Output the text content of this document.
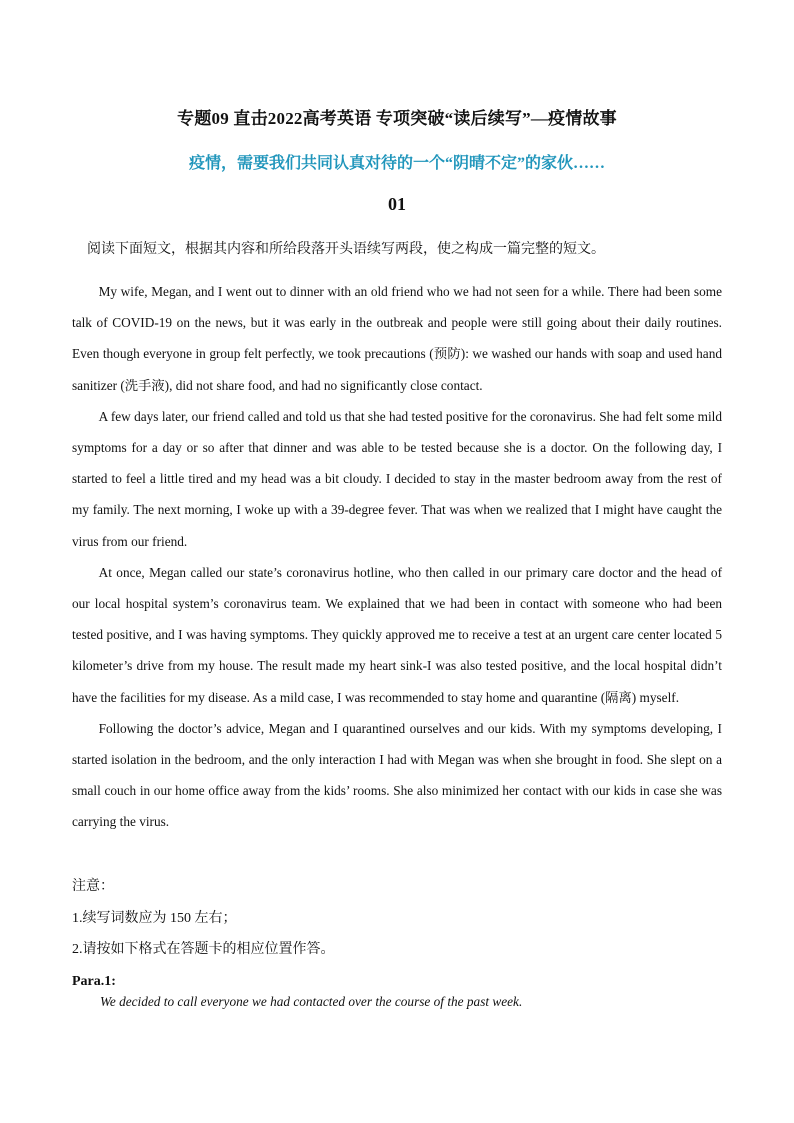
专题09 直击2022高考英语 专项突破“读后续写”—疫情故事
疫情，需要我们共同认真对待的一个“阴晴不定”的家伙……
01
阅读下面短文，根据其内容和所给段落开头语续写两段，使之构成一篇完整的短文。

My wife, Megan, and I went out to dinner with an old friend who we had not seen for a while. There had been some talk of COVID-19 on the news, but it was early in the outbreak and people were still going about their daily routines. Even though everyone in group felt perfectly, we took precautions (预防): we washed our hands with soap and used hand sanitizer (洗手液), did not share food, and had no significantly close contact.

A few days later, our friend called and told us that she had tested positive for the coronavirus. She had felt some mild symptoms for a day or so after that dinner and was able to be tested because she is a doctor. On the following day, I started to feel a little tired and my head was a bit cloudy. I decided to stay in the master bedroom away from the rest of my family. The next morning, I woke up with a 39-degree fever. That was when we realized that I might have caught the virus from our friend.

At once, Megan called our state’s coronavirus hotline, who then called in our primary care doctor and the head of our local hospital system’s coronavirus team. We explained that we had been in contact with someone who had been tested positive, and I was having symptoms. They quickly approved me to receive a test at an urgent care center located 5 kilometer’s drive from my house. The result made my heart sink-I was also tested positive, and the local hospital didn’t have the facilities for my disease. As a mild case, I was recommended to stay home and quarantine (隔离) myself.

Following the doctor’s advice, Megan and I quarantined ourselves and our kids. With my symptoms developing, I started isolation in the bedroom, and the only interaction I had with Megan was when she brought in food. She slept on a small couch in our home office away from the kids’ rooms. She also minimized her contact with our kids in case she was carrying the virus.

注意：
1.续写词数应为 150 左右；
2.请按如下格式在答题卡的相应位置作答。
Para.1:
We decided to call everyone we had contacted over the course of the past week.
